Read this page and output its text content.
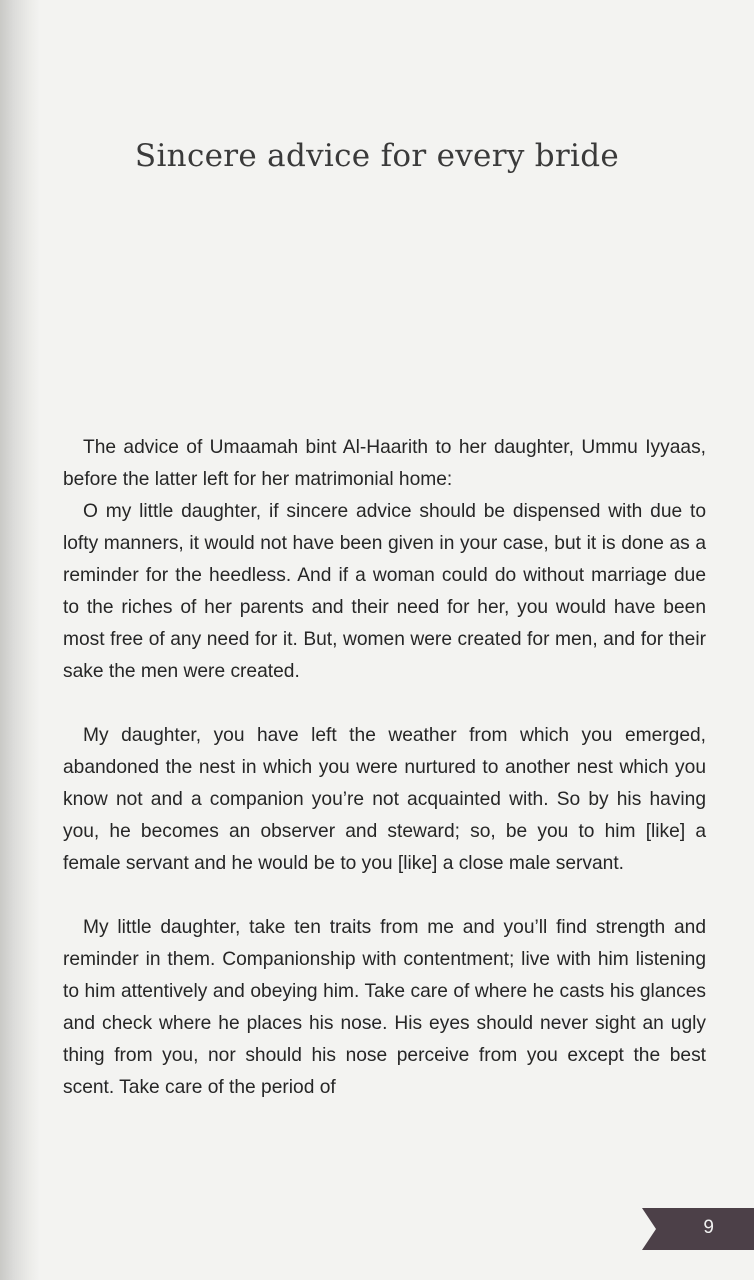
Sincere advice for every bride

The advice of Umaamah bint Al-Haarith to her daughter, Ummu Iyyaas, before the latter left for her matrimonial home:

O my little daughter, if sincere advice should be dispensed with due to lofty manners, it would not have been given in your case, but it is done as a reminder for the heedless. And if a woman could do without marriage due to the riches of her parents and their need for her, you would have been most free of any need for it. But, women were created for men, and for their sake the men were created.

My daughter, you have left the weather from which you emerged, abandoned the nest in which you were nurtured to another nest which you know not and a companion you’re not acquainted with. So by his having you, he becomes an observer and steward; so, be you to him [like] a female servant and he would be to you [like] a close male servant.

My little daughter, take ten traits from me and you’ll find strength and reminder in them. Companionship with contentment; live with him listening to him attentively and obeying him. Take care of where he casts his glances and check where he places his nose. His eyes should never sight an ugly thing from you, nor should his nose perceive from you except the best scent. Take care of the period of

9
